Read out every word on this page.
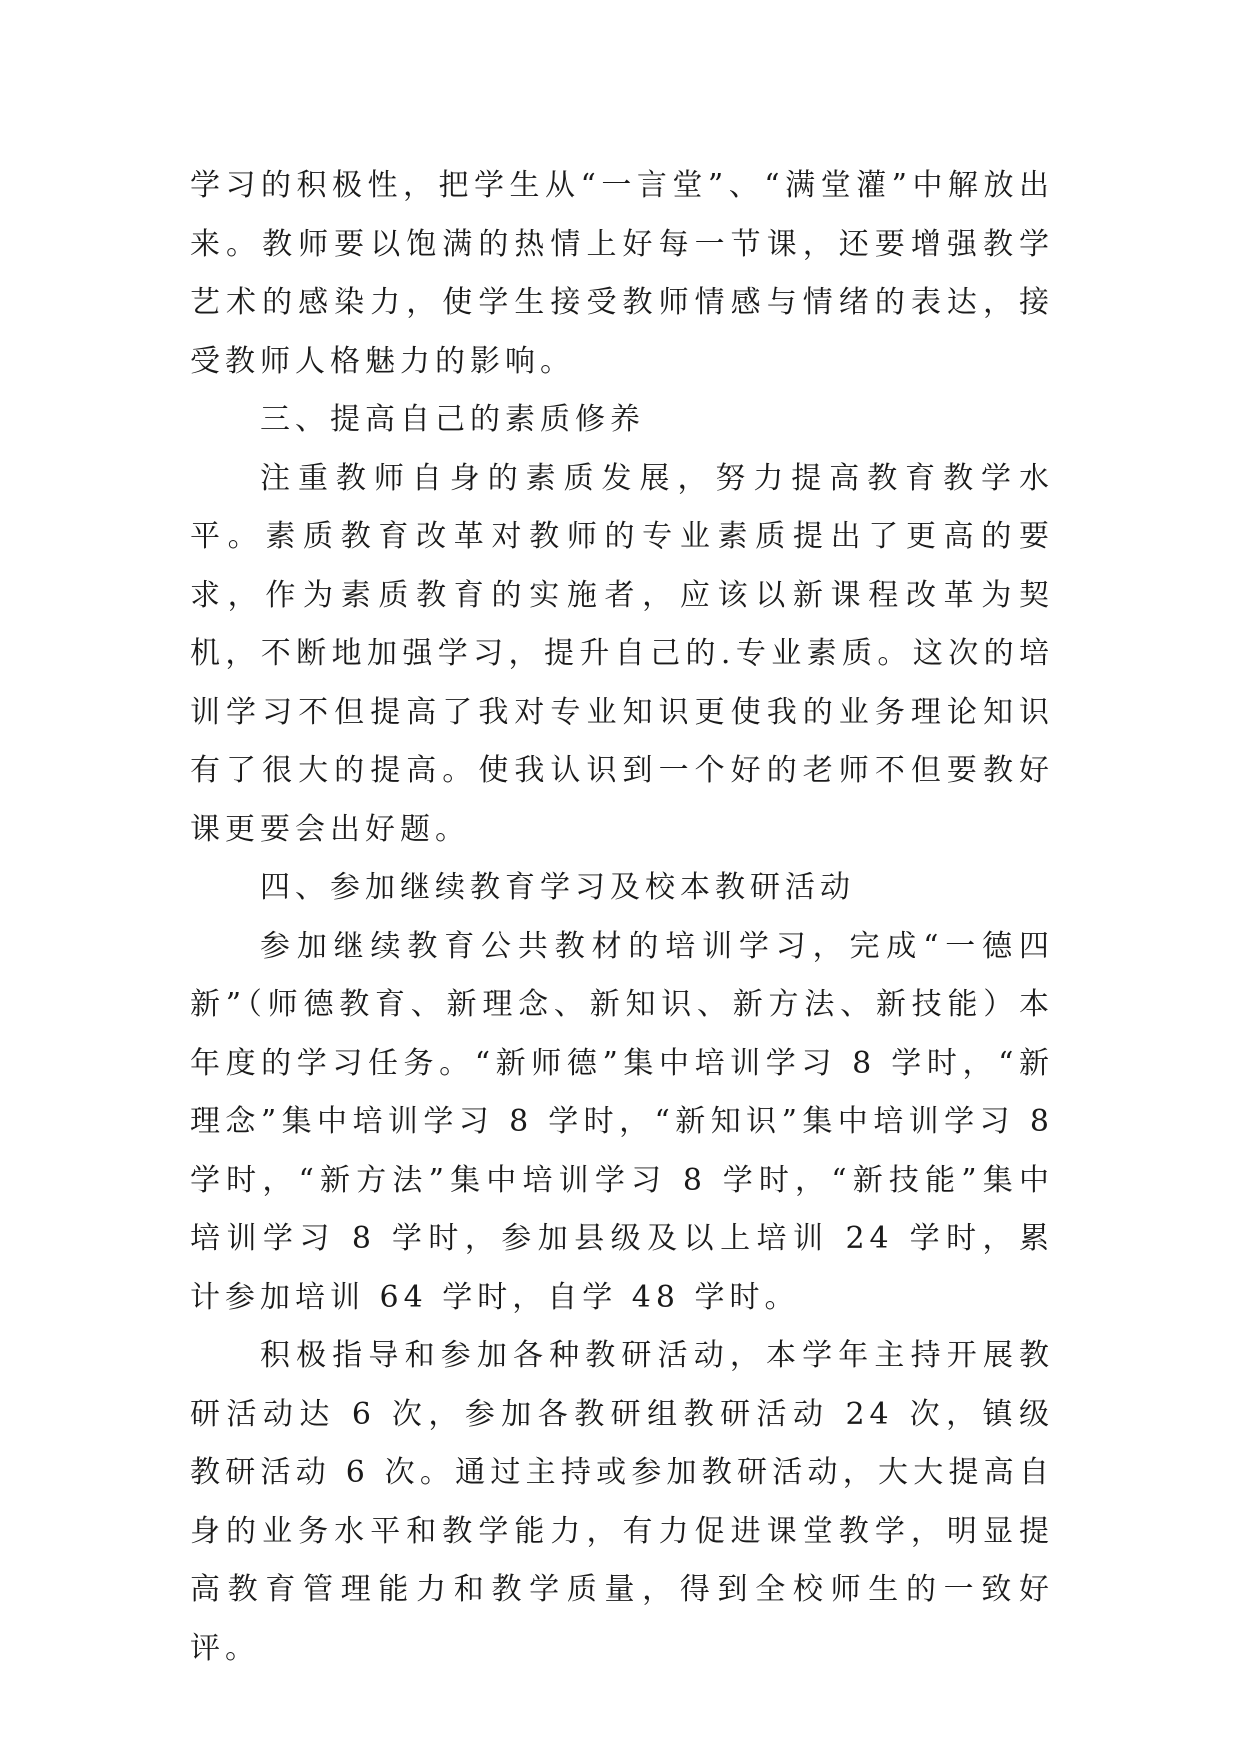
学习的积极性，把学生从“一言堂”、“满堂灌”中解放出来。教师要以饱满的热情上好每一节课，还要增强教学艺术的感染力，使学生接受教师情感与情绪的表达，接受教师人格魅力的影响。

三、提高自己的素质修养

注重教师自身的素质发展，努力提高教育教学水平。素质教育改革对教师的专业素质提出了更高的要求，作为素质教育的实施者，应该以新课程改革为契机，不断地加强学习，提升自己的.专业素质。这次的培训学习不但提高了我对专业知识更使我的业务理论知识有了很大的提高。使我认识到一个好的老师不但要教好课更要会出好题。

四、参加继续教育学习及校本教研活动

参加继续教育公共教材的培训学习，完成“一德四新”（师德教育、新理念、新知识、新方法、新技能）本年度的学习任务。“新师德”集中培训学习 8 学时，“新理念”集中培训学习 8 学时，“新知识”集中培训学习 8 学时，“新方法”集中培训学习 8 学时，“新技能”集中培训学习 8 学时，参加县级及以上培训 24 学时，累计参加培训 64 学时，自学 48 学时。

积极指导和参加各种教研活动，本学年主持开展教研活动达 6 次，参加各教研组教研活动 24 次，镇级教研活动 6 次。通过主持或参加教研活动，大大提高自身的业务水平和教学能力，有力促进课堂教学，明显提高教育管理能力和教学质量，得到全校师生的一致好评。
